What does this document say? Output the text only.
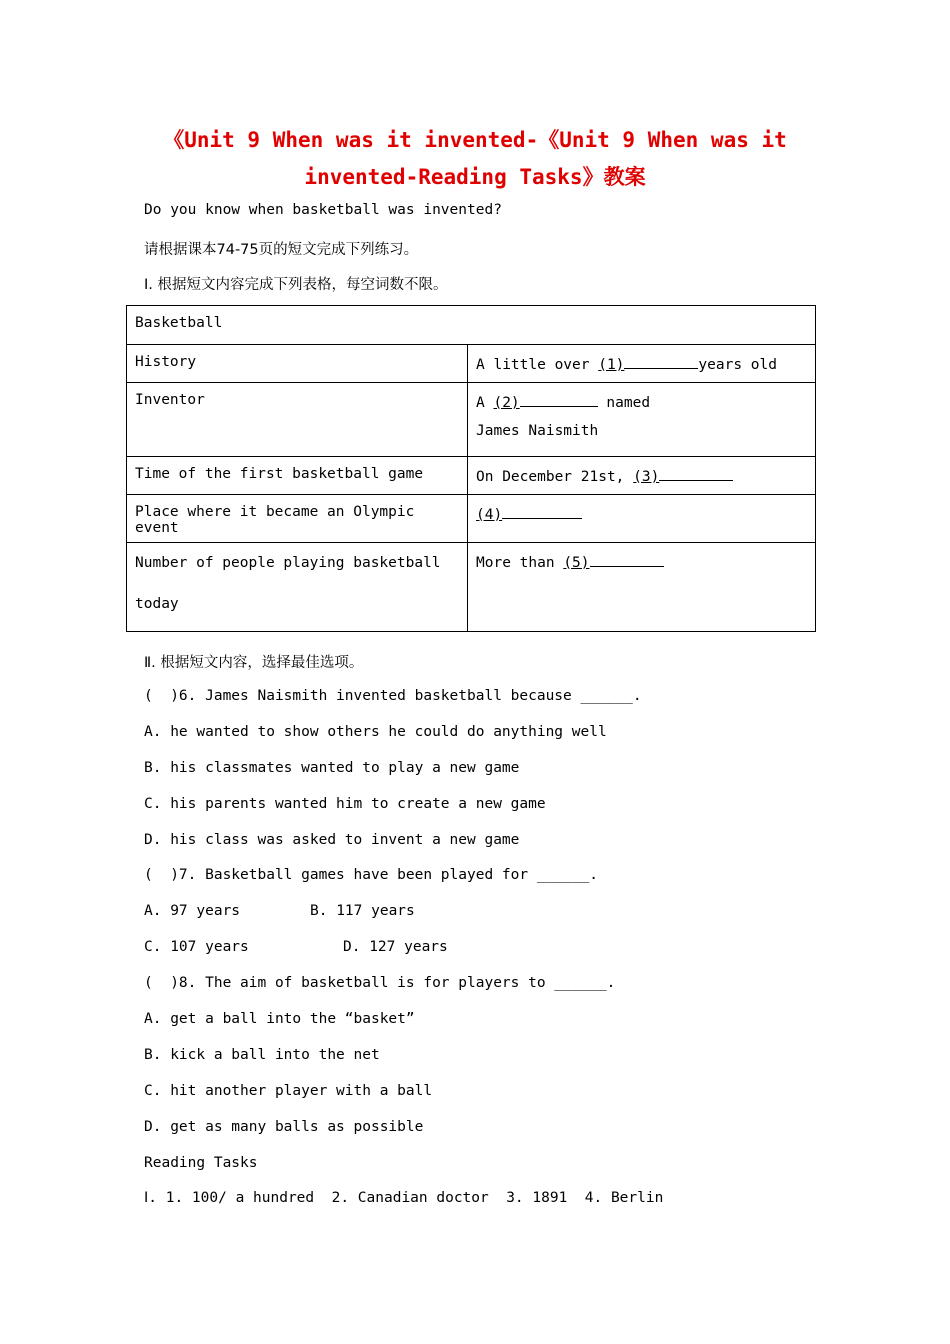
《Unit 9 When was it invented-《Unit 9 When was it
invented-Reading Tasks》教案
Do you know when basketball was invented?
请根据课本74-75页的短文完成下列练习。
Ⅰ. 根据短文内容完成下列表格，每空词数不限。
Basketball	
History	A little over (1) years old
Inventor	A (2) named
James Naismith

Time of the first basketball game	On December 21st, (3)
Place where it became an Olympic event	(4)
Number of people playing basketball today	More than (5)
Ⅱ. 根据短文内容，选择最佳选项。
(  )6. James Naismith invented basketball because ______.
A. he wanted to show others he could do anything well
B. his classmates wanted to play a new game
C. his parents wanted him to create a new game
D. his class was asked to invent a new game
(  )7. Basketball games have been played for ______.
A. 97 years	B. 117 years
C. 107 years	D. 127 years
(  )8. The aim of basketball is for players to ______.
A. get a ball into the “basket”
B. kick a ball into the net
C. hit another player with a ball
D. get as many balls as possible
Reading Tasks
Ⅰ. 1. 100/ a hundred  2. Canadian doctor  3. 1891  4. Berlin
